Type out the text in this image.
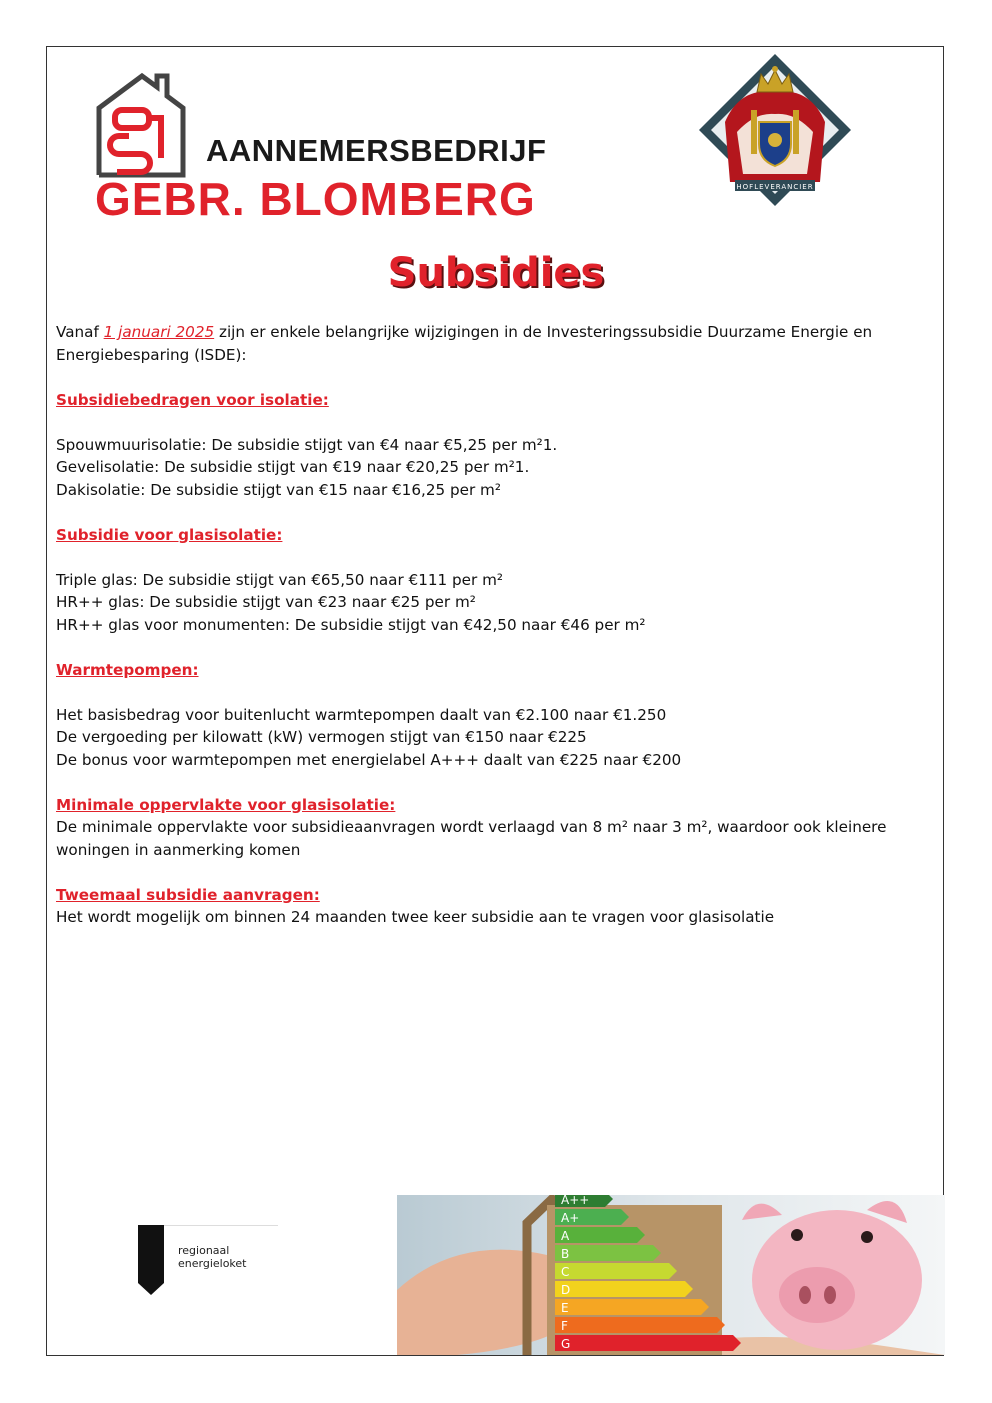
AANNEMERSBEDRIJF
GEBR. BLOMBERG	HOFLEVERANCIER
Subsidies

Vanaf 1 januari 2025 zijn er enkele belangrijke wijzigingen in de Investeringssubsidie Duurzame Energie en Energiebesparing (ISDE):

Subsidiebedragen voor isolatie:

Spouwmuurisolatie: De subsidie stijgt van €4 naar €5,25 per m²1.

Gevelisolatie: De subsidie stijgt van €19 naar €20,25 per m²1.

Dakisolatie: De subsidie stijgt van €15 naar €16,25 per m²

Subsidie voor glasisolatie:

Triple glas: De subsidie stijgt van €65,50 naar €111 per m²

HR++ glas: De subsidie stijgt van €23 naar €25 per m²

HR++ glas voor monumenten: De subsidie stijgt van €42,50 naar €46 per m²

Warmtepompen:

Het basisbedrag voor buitenlucht warmtepompen daalt van €2.100 naar €1.250

De vergoeding per kilowatt (kW) vermogen stijgt van €150 naar €225

De bonus voor warmtepompen met energielabel A+++ daalt van €225 naar €200

Minimale oppervlakte voor glasisolatie:

De minimale oppervlakte voor subsidieaanvragen wordt verlaagd van 8 m² naar 3 m², waardoor ook kleinere woningen in aanmerking komen

Tweemaal subsidie aanvragen:

Het wordt mogelijk om binnen 24 maanden twee keer subsidie aan te vragen voor glasisolatie

regionaal
energieloket
A++
A+
A
B
C
D
E
F
G
